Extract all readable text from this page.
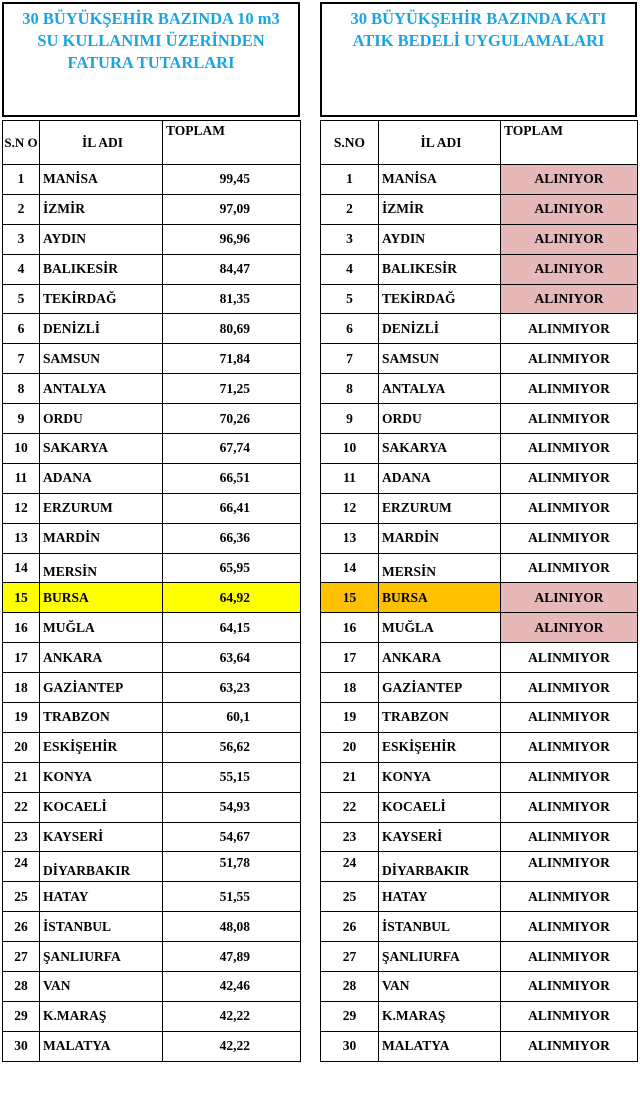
30 BÜYÜKŞEHİR BAZINDA 10 m3
SU KULLANIMI ÜZERİNDEN
FATURA TUTARLARI
S.N O	İL ADI	TOPLAM
1	MANİSA	99,45
2	İZMİR	97,09
3	AYDIN	96,96
4	BALIKESİR	84,47
5	TEKİRDAĞ	81,35
6	DENİZLİ	80,69
7	SAMSUN	71,84
8	ANTALYA	71,25
9	ORDU	70,26
10	SAKARYA	67,74
11	ADANA	66,51
12	ERZURUM	66,41
13	MARDİN	66,36
14	MERSİN	65,95
15	BURSA	64,92
16	MUĞLA	64,15
17	ANKARA	63,64
18	GAZİANTEP	63,23
19	TRABZON	60,1
20	ESKİŞEHİR	56,62
21	KONYA	55,15
22	KOCAELİ	54,93
23	KAYSERİ	54,67
24	DİYARBAKIR	51,78
25	HATAY	51,55
26	İSTANBUL	48,08
27	ŞANLIURFA	47,89
28	VAN	42,46
29	K.MARAŞ	42,22
30	MALATYA	42,22
30 BÜYÜKŞEHİR BAZINDA KATI
ATIK BEDELİ UYGULAMALARI
S.NO	İL ADI	TOPLAM
1	MANİSA	ALINIYOR
2	İZMİR	ALINIYOR
3	AYDIN	ALINIYOR
4	BALIKESİR	ALINIYOR
5	TEKİRDAĞ	ALINIYOR
6	DENİZLİ	ALINMIYOR
7	SAMSUN	ALINMIYOR
8	ANTALYA	ALINMIYOR
9	ORDU	ALINMIYOR
10	SAKARYA	ALINMIYOR
11	ADANA	ALINMIYOR
12	ERZURUM	ALINMIYOR
13	MARDİN	ALINMIYOR
14	MERSİN	ALINMIYOR
15	BURSA	ALINIYOR
16	MUĞLA	ALINIYOR
17	ANKARA	ALINMIYOR
18	GAZİANTEP	ALINMIYOR
19	TRABZON	ALINMIYOR
20	ESKİŞEHİR	ALINMIYOR
21	KONYA	ALINMIYOR
22	KOCAELİ	ALINMIYOR
23	KAYSERİ	ALINMIYOR
24	DİYARBAKIR	ALINMIYOR
25	HATAY	ALINMIYOR
26	İSTANBUL	ALINMIYOR
27	ŞANLIURFA	ALINMIYOR
28	VAN	ALINMIYOR
29	K.MARAŞ	ALINMIYOR
30	MALATYA	ALINMIYOR
